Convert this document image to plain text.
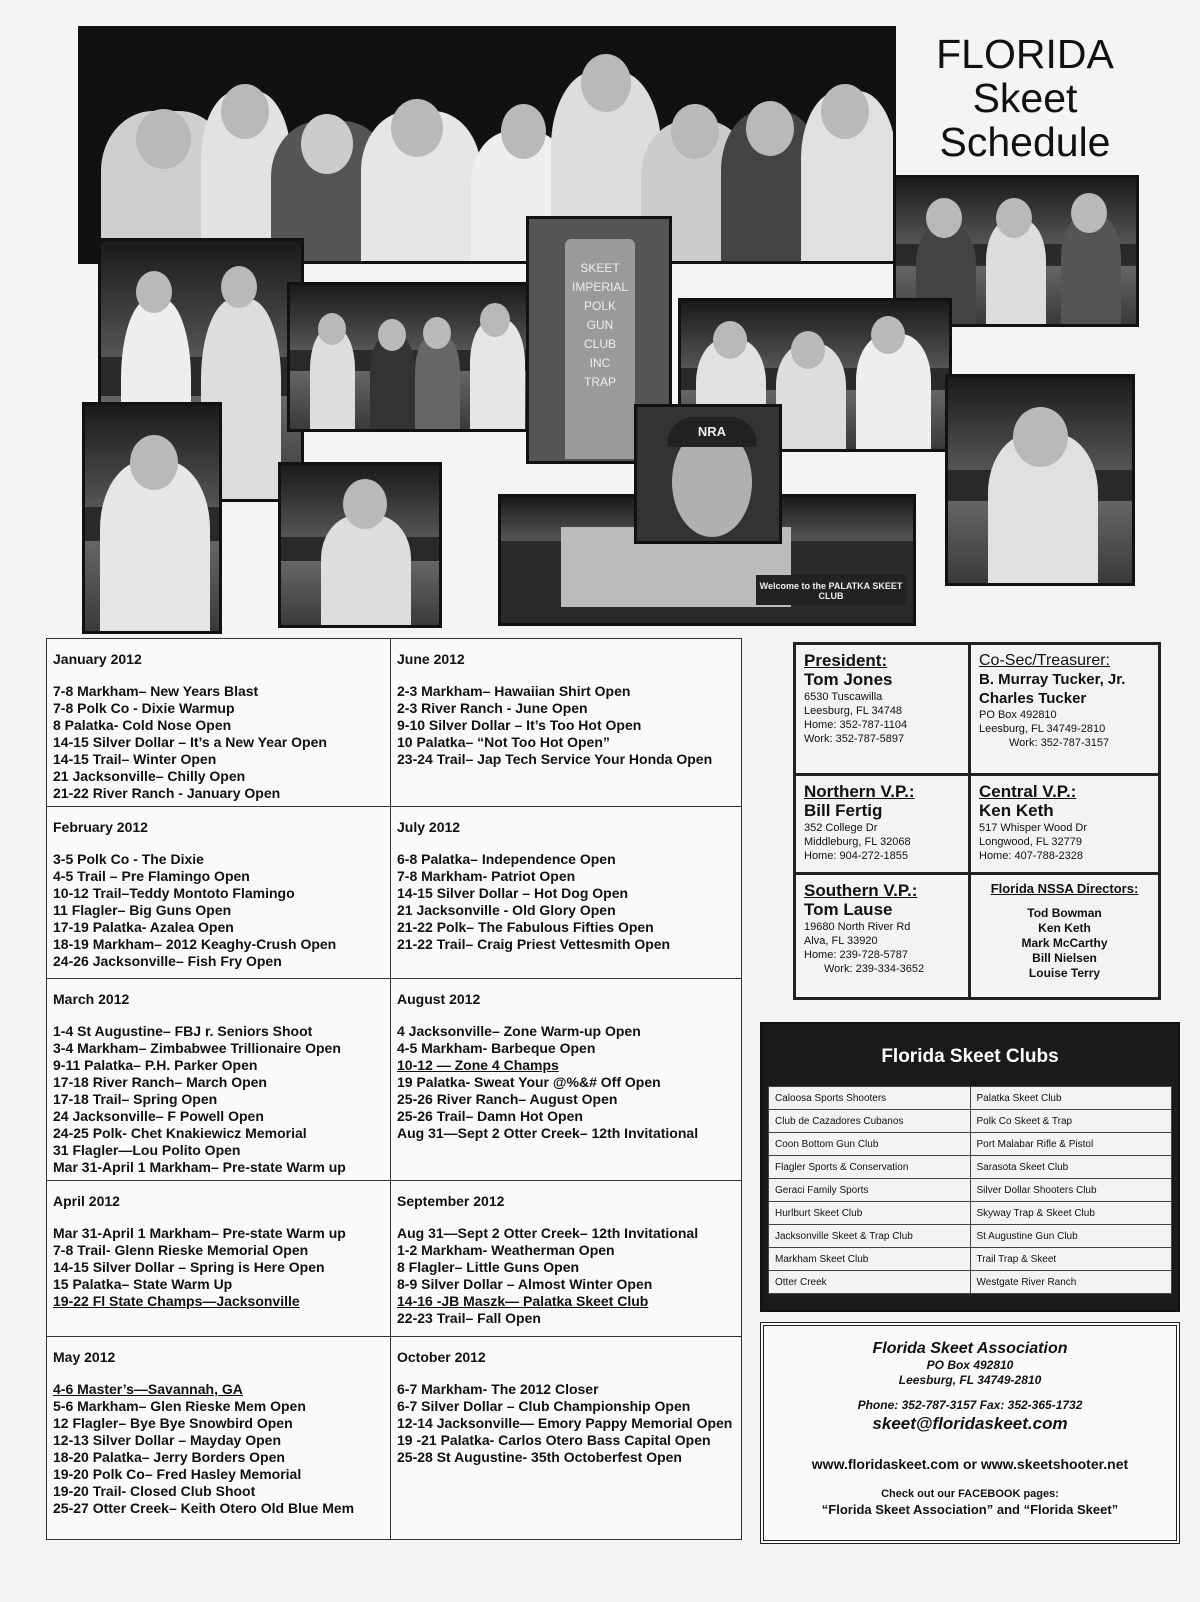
FLORIDA
Skeet
Schedule
SKEET
IMPERIAL
POLK
GUN
CLUB
INC
TRAP
Welcome to the PALATKA SKEET CLUB
NRA
January 2012
7-8 Markham– New Years Blast
7-8 Polk Co - Dixie Warmup
8 Palatka- Cold Nose Open
14-15 Silver Dollar – It’s a New Year Open
14-15 Trail– Winter Open
21 Jacksonville– Chilly Open
21-22 River Ranch - January Open
June 2012
2-3 Markham– Hawaiian Shirt Open
2-3 River Ranch - June Open
9-10 Silver Dollar – It’s Too Hot Open
10 Palatka– “Not Too Hot Open”
23-24 Trail– Jap Tech Service Your Honda Open
February 2012
3-5 Polk Co - The Dixie
4-5 Trail – Pre Flamingo Open
10-12 Trail–Teddy Montoto Flamingo
11 Flagler– Big Guns Open
17-19 Palatka- Azalea Open
18-19 Markham– 2012 Keaghy-Crush Open
24-26 Jacksonville– Fish Fry Open
July 2012
6-8 Palatka– Independence Open
7-8 Markham- Patriot Open
14-15 Silver Dollar – Hot Dog Open
21 Jacksonville - Old Glory Open
21-22 Polk– The Fabulous Fifties Open
21-22 Trail– Craig Priest Vettesmith Open
March 2012
1-4 St Augustine– FBJ r. Seniors Shoot
3-4 Markham– Zimbabwee Trillionaire Open
9-11 Palatka– P.H. Parker Open
17-18 River Ranch– March Open
17-18 Trail– Spring Open
24 Jacksonville– F Powell Open
24-25 Polk- Chet Knakiewicz Memorial
31 Flagler—Lou Polito Open
Mar 31-April 1 Markham– Pre-state Warm up
August 2012
4 Jacksonville– Zone Warm-up Open
4-5 Markham- Barbeque Open
10-12 — Zone 4 Champs
19 Palatka- Sweat Your @%&# Off Open
25-26 River Ranch– August Open
25-26 Trail– Damn Hot Open
Aug 31—Sept 2 Otter Creek– 12th Invitational
April 2012
Mar 31-April 1 Markham– Pre-state Warm up
7-8 Trail- Glenn Rieske Memorial Open
14-15 Silver Dollar – Spring is Here Open
15 Palatka– State Warm Up
19-22 Fl State Champs—Jacksonville
September 2012
Aug 31—Sept 2 Otter Creek– 12th Invitational
1-2 Markham- Weatherman Open
8 Flagler– Little Guns Open
8-9 Silver Dollar – Almost Winter Open
14-16 -JB Maszk— Palatka Skeet Club
22-23 Trail– Fall Open
May 2012
4-6 Master’s—Savannah, GA
5-6 Markham– Glen Rieske Mem Open
12 Flagler– Bye Bye Snowbird Open
12-13 Silver Dollar – Mayday Open
18-20 Palatka– Jerry Borders Open
19-20 Polk Co– Fred Hasley Memorial
19-20 Trail- Closed Club Shoot
25-27 Otter Creek– Keith Otero Old Blue Mem
October 2012
6-7 Markham- The 2012 Closer
6-7 Silver Dollar – Club Championship Open
12-14 Jacksonville— Emory Pappy Memorial Open
19 -21 Palatka- Carlos Otero Bass Capital Open
25-28 St Augustine- 35th Octoberfest Open
President:
Tom Jones
6530 Tuscawilla
Leesburg, FL 34748
Home: 352-787-1104
Work: 352-787-5897
Co-Sec/Treasurer:
B. Murray Tucker, Jr.
Charles Tucker
PO Box 492810
Leesburg, FL 34749-2810
Work: 352-787-3157
Northern V.P.:
Bill Fertig
352 College Dr
Middleburg, FL 32068
Home: 904-272-1855
Central V.P.:
Ken Keth
517 Whisper Wood Dr
Longwood, FL 32779
Home: 407-788-2328
Southern V.P.:
Tom Lause
19680 North River Rd
Alva, FL 33920
Home: 239-728-5787
Work: 239-334-3652
Florida NSSA Directors:
Tod Bowman
Ken Keth
Mark McCarthy
Bill Nielsen
Louise Terry
Florida Skeet Clubs
Caloosa Sports Shooters	Palatka Skeet Club
Club de Cazadores Cubanos	Polk Co Skeet & Trap
Coon Bottom Gun Club	Port Malabar Rifle & Pistol
Flagler Sports & Conservation	Sarasota Skeet Club
Geraci Family Sports	Silver Dollar Shooters Club
Hurlburt Skeet Club	Skyway Trap & Skeet Club
Jacksonville Skeet & Trap Club	St Augustine Gun Club
Markham Skeet Club	Trail Trap & Skeet
Otter Creek	Westgate River Ranch
Florida Skeet Association
PO Box 492810
Leesburg, FL 34749-2810
Phone: 352-787-3157 Fax: 352-365-1732
skeet@floridaskeet.com
www.floridaskeet.com or www.skeetshooter.net
Check out our FACEBOOK pages:
“Florida Skeet Association” and “Florida Skeet”
